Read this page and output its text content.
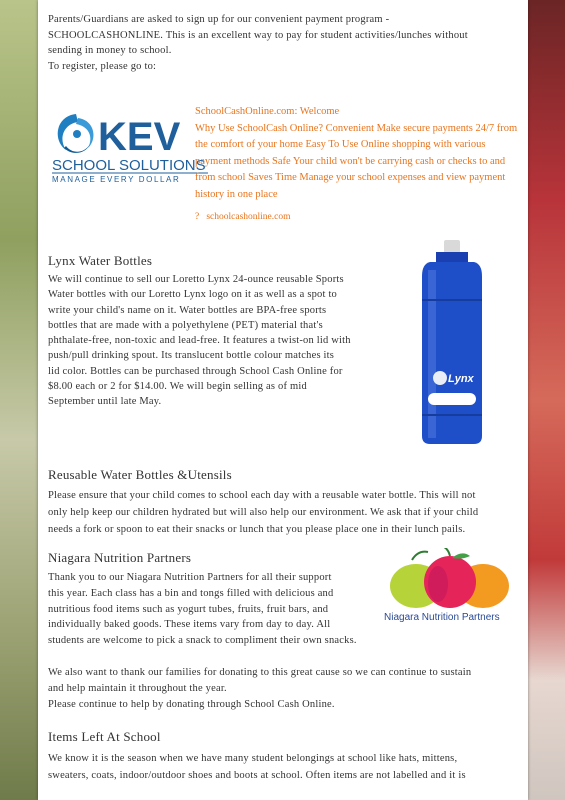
Parents/Guardians are asked to sign up for our convenient payment program -
SCHOOLCASHONLINE. This is an excellent way to pay for student activities/lunches without
sending in money to school.
To register, please go to:
KEV
SCHOOL SOLUTIONS
MANAGE EVERY DOLLAR
SchoolCashOnline.com: Welcome
Why Use SchoolCash Online? Convenient Make secure payments 24/7 from the comfort of your home Easy To Use Online shopping with various payment methods Safe Your child won't be carrying cash or checks to and from school Saves Time Manage your school expenses and view payment history in one place
? schoolcashonline.com
Lynx Water Bottles
We will continue to sell our Loretto Lynx 24-ounce reusable Sports
Water bottles with our Loretto Lynx logo on it as well as a spot to
write your child's name on it. Water bottles are BPA-free sports
bottles that are made with a polyethylene (PET) material that's
phthalate-free, non-toxic and lead-free. It features a twist-on lid with
push/pull drinking spout. Its translucent bottle colour matches its
lid color. Bottles can be purchased through School Cash Online for
$8.00 each or 2 for $14.00. We will begin selling as of mid
September until late May.
Lynx
Reusable Water Bottles &Utensils
Please ensure that your child comes to school each day with a reusable water bottle. This will not
only help keep our children hydrated but will also help our environment. We ask that if your child
needs a fork or spoon to eat their snacks or lunch that you please place one in their lunch pails.
Niagara Nutrition Partners
Thank you to our Niagara Nutrition Partners for all their support
this year. Each class has a bin and tongs filled with delicious and
nutritious food items such as yogurt tubes, fruits, fruit bars, and
individually baked goods. These items vary from day to day. All
students are welcome to pick a snack to compliment their own snacks.
Niagara Nutrition Partners
We also want to thank our families for donating to this great cause so we can continue to sustain
and help maintain it throughout the year.
Please continue to help by donating through School Cash Online.
Items Left At School
We know it is the season when we have many student belongings at school like hats, mittens,
sweaters, coats, indoor/outdoor shoes and boots at school. Often items are not labelled and it is
